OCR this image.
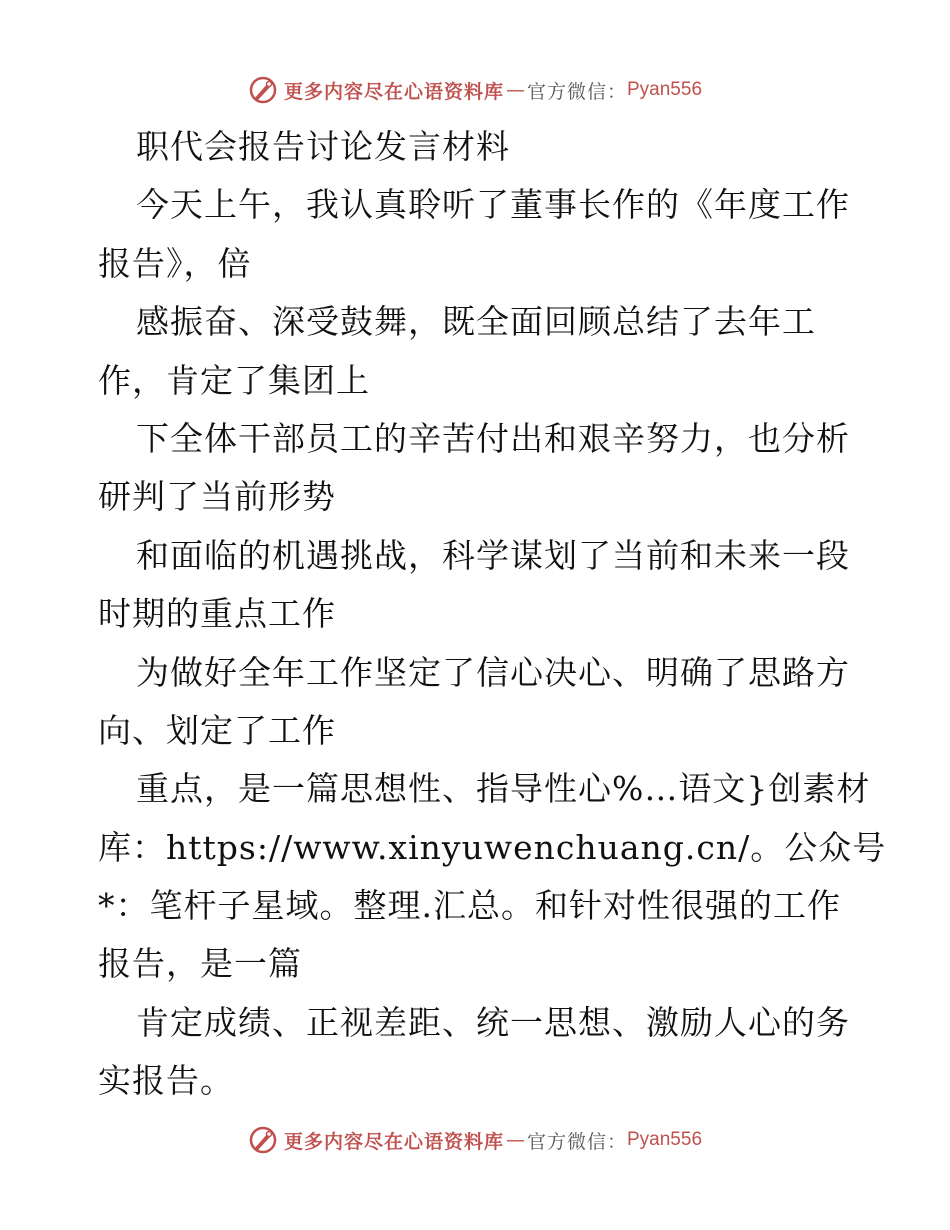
更多内容尽在心语资料库 — 官方微信： Pyan556
职代会报告讨论发言材料
今天上午，我认真聆听了董事长作的《年度工作
报告》，倍
感振奋、深受鼓舞，既全面回顾总结了去年工
作，肯定了集团上
下全体干部员工的辛苦付出和艰辛努力，也分析
研判了当前形势
和面临的机遇挑战，科学谋划了当前和未来一段
时期的重点工作
为做好全年工作坚定了信心决心、明确了思路方
向、划定了工作
重点，是一篇思想性、指导性心%…语文}创素材
库：https://www.xinyuwenchuang.cn/。公众号
*：笔杆子星域。整理.汇总。和针对性很强的工作
报告，是一篇
肯定成绩、正视差距、统一思想、激励人心的务
实报告。
更多内容尽在心语资料库 — 官方微信： Pyan556
